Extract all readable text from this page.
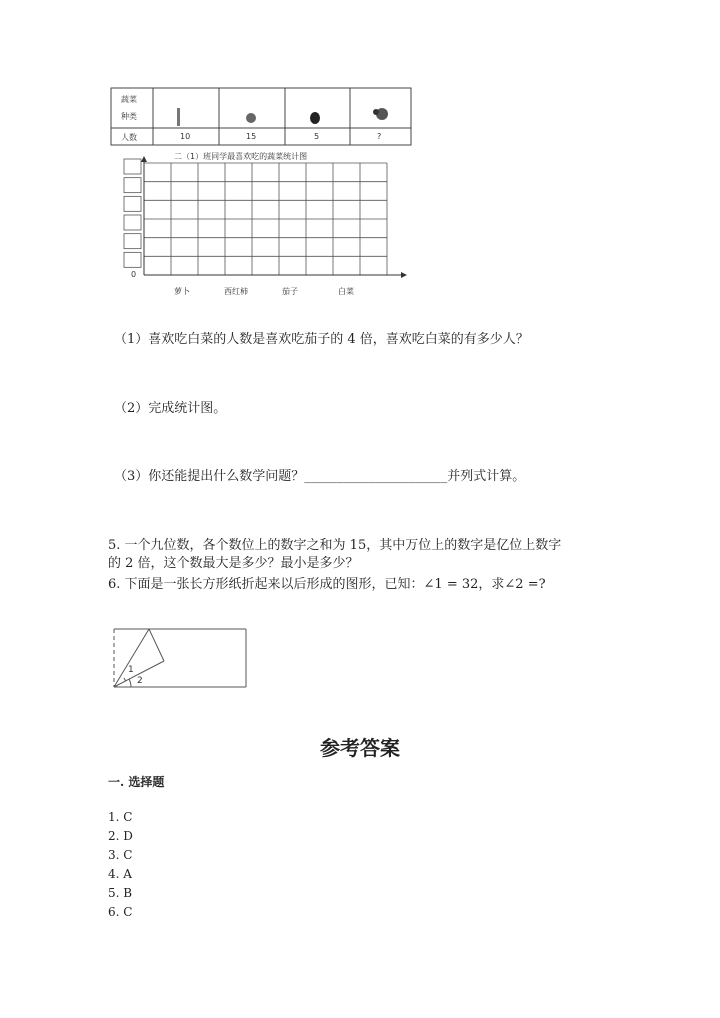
蔬菜
种类
人数	10	15	5	?
二（1）班同学最喜欢吃的蔬菜统计图
0
萝卜	西红柿	茄子	白菜
（1）喜欢吃白菜的人数是喜欢吃茄子的 4 倍，喜欢吃白菜的有多少人？
（2）完成统计图。
（3）你还能提出什么数学问题？______________________并列式计算。
5. 一个九位数，各个数位上的数字之和为 15，其中万位上的数字是亿位上数字
的 2 倍，这个数最大是多少？最小是多少？
6. 下面是一张长方形纸折起来以后形成的图形，已知：∠1 = 32，求∠2 =?
1
2
参考答案
一. 选择题
1. C
2. D
3. C
4. A
5. B
6. C
